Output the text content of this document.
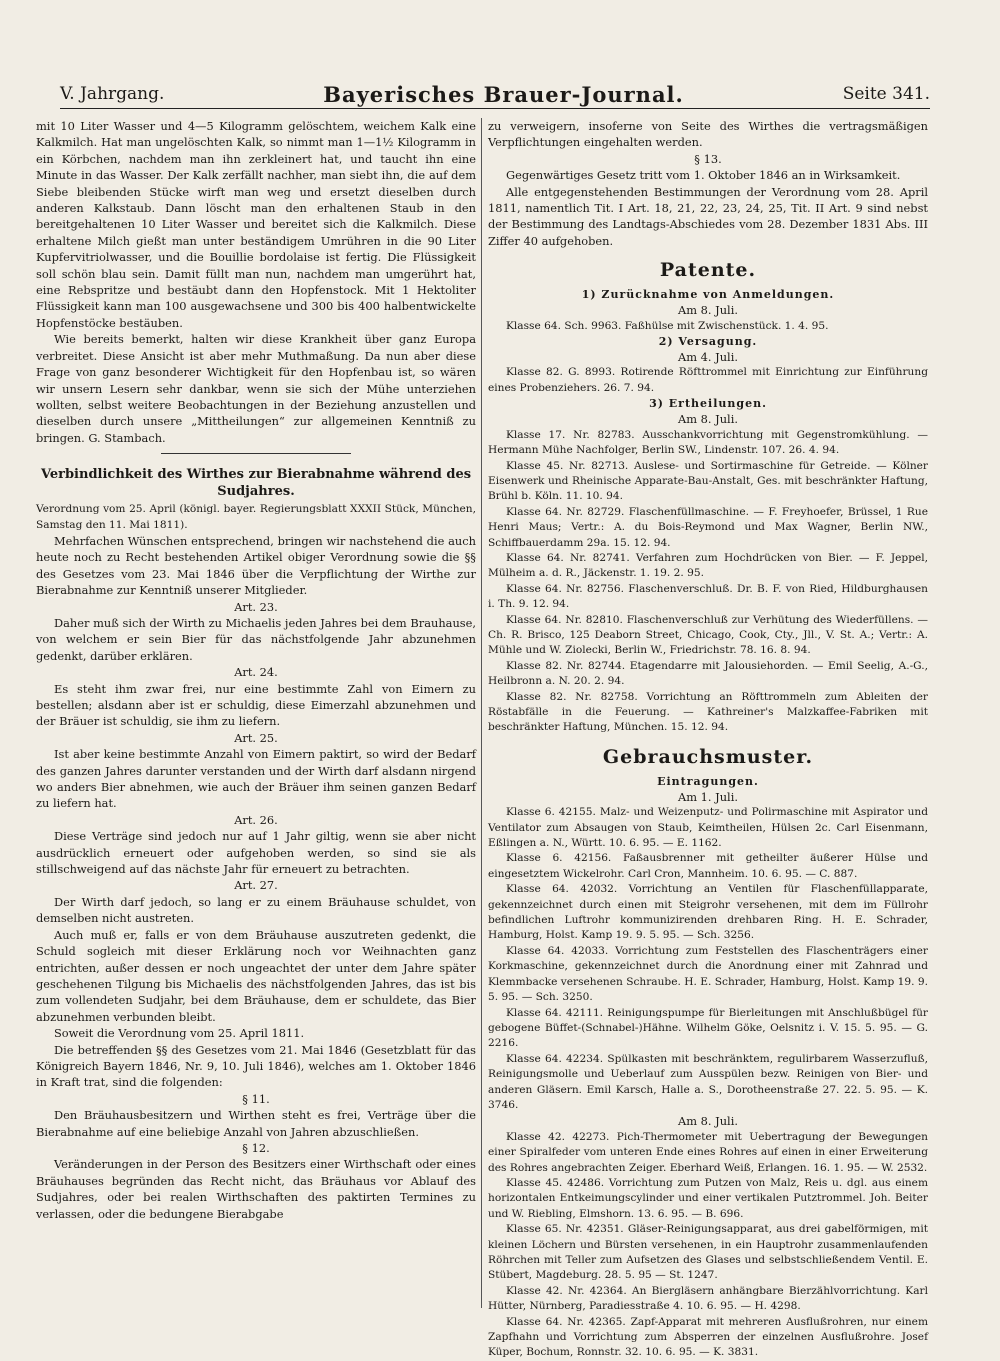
V. Jahrgang.	Bayerisches Brauer-Journal.	Seite 341.

mit 10 Liter Wasser und 4—5 Kilogramm gelöschtem, weichem Kalk eine Kalkmilch. Hat man ungelöschten Kalk, so nimmt man 1—1½ Kilogramm in ein Körbchen, nachdem man ihn zerkleinert hat, und taucht ihn eine Minute in das Wasser. Der Kalk zerfällt nachher, man siebt ihn, die auf dem Siebe bleibenden Stücke wirft man weg und ersetzt dieselben durch anderen Kalkstaub. Dann löscht man den erhaltenen Staub in den bereitgehaltenen 10 Liter Wasser und bereitet sich die Kalkmilch. Diese erhaltene Milch gießt man unter beständigem Umrühren in die 90 Liter Kupfervitriolwasser, und die Bouillie bordolaise ist fertig. Die Flüssigkeit soll schön blau sein. Damit füllt man nun, nachdem man umgerührt hat, eine Rebspritze und bestäubt dann den Hopfenstock. Mit 1 Hektoliter Flüssigkeit kann man 100 ausgewachsene und 300 bis 400 halbentwickelte Hopfenstöcke bestäuben.

Wie bereits bemerkt, halten wir diese Krankheit über ganz Europa verbreitet. Diese Ansicht ist aber mehr Muthmaßung. Da nun aber diese Frage von ganz besonderer Wichtigkeit für den Hopfenbau ist, so wären wir unsern Lesern sehr dankbar, wenn sie sich der Mühe unterziehen wollten, selbst weitere Beobachtungen in der Beziehung anzustellen und dieselben durch unsere „Mittheilungen“ zur allgemeinen Kenntniß zu bringen. G. Stambach.

Verbindlichkeit des Wirthes zur Bierabnahme während des Sudjahres.

Verordnung vom 25. April (königl. bayer. Regierungsblatt XXXII Stück, München, Samstag den 11. Mai 1811).

Mehrfachen Wünschen entsprechend, bringen wir nachstehend die auch heute noch zu Recht bestehenden Artikel obiger Verordnung sowie die §§ des Gesetzes vom 23. Mai 1846 über die Verpflichtung der Wirthe zur Bierabnahme zur Kenntniß unserer Mitglieder.

Art. 23.

Daher muß sich der Wirth zu Michaelis jeden Jahres bei dem Brauhause, von welchem er sein Bier für das nächstfolgende Jahr abzunehmen gedenkt, darüber erklären.

Art. 24.

Es steht ihm zwar frei, nur eine bestimmte Zahl von Eimern zu bestellen; alsdann aber ist er schuldig, diese Eimerzahl abzunehmen und der Bräuer ist schuldig, sie ihm zu liefern.

Art. 25.

Ist aber keine bestimmte Anzahl von Eimern paktirt, so wird der Bedarf des ganzen Jahres darunter verstanden und der Wirth darf alsdann nirgend wo anders Bier abnehmen, wie auch der Bräuer ihm seinen ganzen Bedarf zu liefern hat.

Art. 26.

Diese Verträge sind jedoch nur auf 1 Jahr giltig, wenn sie aber nicht ausdrücklich erneuert oder aufgehoben werden, so sind sie als stillschweigend auf das nächste Jahr für erneuert zu betrachten.

Art. 27.

Der Wirth darf jedoch, so lang er zu einem Bräuhause schuldet, von demselben nicht austreten.

Auch muß er, falls er von dem Bräuhause auszutreten gedenkt, die Schuld sogleich mit dieser Erklärung noch vor Weihnachten ganz entrichten, außer dessen er noch ungeachtet der unter dem Jahre später geschehenen Tilgung bis Michaelis des nächstfolgenden Jahres, das ist bis zum vollendeten Sudjahr, bei dem Bräuhause, dem er schuldete, das Bier abzunehmen verbunden bleibt.

Soweit die Verordnung vom 25. April 1811.

Die betreffenden §§ des Gesetzes vom 21. Mai 1846 (Gesetzblatt für das Königreich Bayern 1846, Nr. 9, 10. Juli 1846), welches am 1. Oktober 1846 in Kraft trat, sind die folgenden:

§ 11.

Den Bräuhausbesitzern und Wirthen steht es frei, Verträge über die Bierabnahme auf eine beliebige Anzahl von Jahren abzuschließen.

§ 12.

Veränderungen in der Person des Besitzers einer Wirthschaft oder eines Bräuhauses begründen das Recht nicht, das Bräuhaus vor Ablauf des Sudjahres, oder bei realen Wirthschaften des paktirten Termines zu verlassen, oder die bedungene Bierabgabe

zu verweigern, insoferne von Seite des Wirthes die vertragsmäßigen Verpflichtungen eingehalten werden.

§ 13.

Gegenwärtiges Gesetz tritt vom 1. Oktober 1846 an in Wirksamkeit.

Alle entgegenstehenden Bestimmungen der Verordnung vom 28. April 1811, namentlich Tit. I Art. 18, 21, 22, 23, 24, 25, Tit. II Art. 9 sind nebst der Bestimmung des Landtags-Abschiedes vom 28. Dezember 1831 Abs. III Ziffer 40 aufgehoben.

Patente.

1) Zurücknahme von Anmeldungen.

Am 8. Juli.

Klasse 64. Sch. 9963. Faßhülse mit Zwischenstück. 1. 4. 95.

2) Versagung.

Am 4. Juli.

Klasse 82. G. 8993. Rotirende Röfttrommel mit Einrichtung zur Einführung eines Probenziehers. 26. 7. 94.

3) Ertheilungen.

Am 8. Juli.

Klasse 17. Nr. 82783. Ausschankvorrichtung mit Gegenstromkühlung. — Hermann Mühe Nachfolger, Berlin SW., Lindenstr. 107. 26. 4. 94.

Klasse 45. Nr. 82713. Auslese- und Sortirmaschine für Getreide. — Kölner Eisenwerk und Rheinische Apparate-Bau-Anstalt, Ges. mit beschränkter Haftung, Brühl b. Köln. 11. 10. 94.

Klasse 64. Nr. 82729. Flaschenfüllmaschine. — F. Freyhoefer, Brüssel, 1 Rue Henri Maus; Vertr.: A. du Bois-Reymond und Max Wagner, Berlin NW., Schiffbauerdamm 29a. 15. 12. 94.

Klasse 64. Nr. 82741. Verfahren zum Hochdrücken von Bier. — F. Jeppel, Mülheim a. d. R., Jäckenstr. 1. 19. 2. 95.

Klasse 64. Nr. 82756. Flaschenverschluß. Dr. B. F. von Ried, Hildburghausen i. Th. 9. 12. 94.

Klasse 64. Nr. 82810. Flaschenverschluß zur Verhütung des Wiederfüllens. — Ch. R. Brisco, 125 Deaborn Street, Chicago, Cook, Cty., Jll., V. St. A.; Vertr.: A. Mühle und W. Ziolecki, Berlin W., Friedrichstr. 78. 16. 8. 94.

Klasse 82. Nr. 82744. Etagendarre mit Jalousiehorden. — Emil Seelig, A.-G., Heilbronn a. N. 20. 2. 94.

Klasse 82. Nr. 82758. Vorrichtung an Röfttrommeln zum Ableiten der Röstabfälle in die Feuerung. — Kathreiner's Malzkaffee-Fabriken mit beschränkter Haftung, München. 15. 12. 94.

Gebrauchsmuster.

Eintragungen.

Am 1. Juli.

Klasse 6. 42155. Malz- und Weizenputz- und Polirmaschine mit Aspirator und Ventilator zum Absaugen von Staub, Keimtheilen, Hülsen 2c. Carl Eisenmann, Eßlingen a. N., Württ. 10. 6. 95. — E. 1162.

Klasse 6. 42156. Faßausbrenner mit getheilter äußerer Hülse und eingesetztem Wickelrohr. Carl Cron, Mannheim. 10. 6. 95. — C. 887.

Klasse 64. 42032. Vorrichtung an Ventilen für Flaschenfüllapparate, gekennzeichnet durch einen mit Steigrohr versehenen, mit dem im Füllrohr befindlichen Luftrohr kommunizirenden drehbaren Ring. H. E. Schrader, Hamburg, Holst. Kamp 19. 9. 5. 95. — Sch. 3256.

Klasse 64. 42033. Vorrichtung zum Feststellen des Flaschenträgers einer Korkmaschine, gekennzeichnet durch die Anordnung einer mit Zahnrad und Klemmbacke versehenen Schraube. H. E. Schrader, Hamburg, Holst. Kamp 19. 9. 5. 95. — Sch. 3250.

Klasse 64. 42111. Reinigungspumpe für Bierleitungen mit Anschlußbügel für gebogene Büffet-(Schnabel-)Hähne. Wilhelm Göke, Oelsnitz i. V. 15. 5. 95. — G. 2216.

Klasse 64. 42234. Spülkasten mit beschränktem, regulirbarem Wasserzufluß, Reinigungsmolle und Ueberlauf zum Ausspülen bezw. Reinigen von Bier- und anderen Gläsern. Emil Karsch, Halle a. S., Dorotheenstraße 27. 22. 5. 95. — K. 3746.

Am 8. Juli.

Klasse 42. 42273. Pich-Thermometer mit Uebertragung der Bewegungen einer Spiralfeder vom unteren Ende eines Rohres auf einen in einer Erweiterung des Rohres angebrachten Zeiger. Eberhard Weiß, Erlangen. 16. 1. 95. — W. 2532.

Klasse 45. 42486. Vorrichtung zum Putzen von Malz, Reis u. dgl. aus einem horizontalen Entkeimungscylinder und einer vertikalen Putztrommel. Joh. Beiter und W. Riebling, Elmshorn. 13. 6. 95. — B. 696.

Klasse 65. Nr. 42351. Gläser-Reinigungsapparat, aus drei gabelförmigen, mit kleinen Löchern und Bürsten versehenen, in ein Hauptrohr zusammenlaufenden Röhrchen mit Teller zum Aufsetzen des Glases und selbstschließendem Ventil. E. Stübert, Magdeburg. 28. 5. 95 — St. 1247.

Klasse 42. Nr. 42364. An Biergläsern anhängbare Bierzählvorrichtung. Karl Hütter, Nürnberg, Paradiesstraße 4. 10. 6. 95. — H. 4298.

Klasse 64. Nr. 42365. Zapf-Apparat mit mehreren Ausflußrohren, nur einem Zapfhahn und Vorrichtung zum Absperren der einzelnen Ausflußrohre. Josef Küper, Bochum, Ronnstr. 32. 10. 6. 95. — K. 3831.
